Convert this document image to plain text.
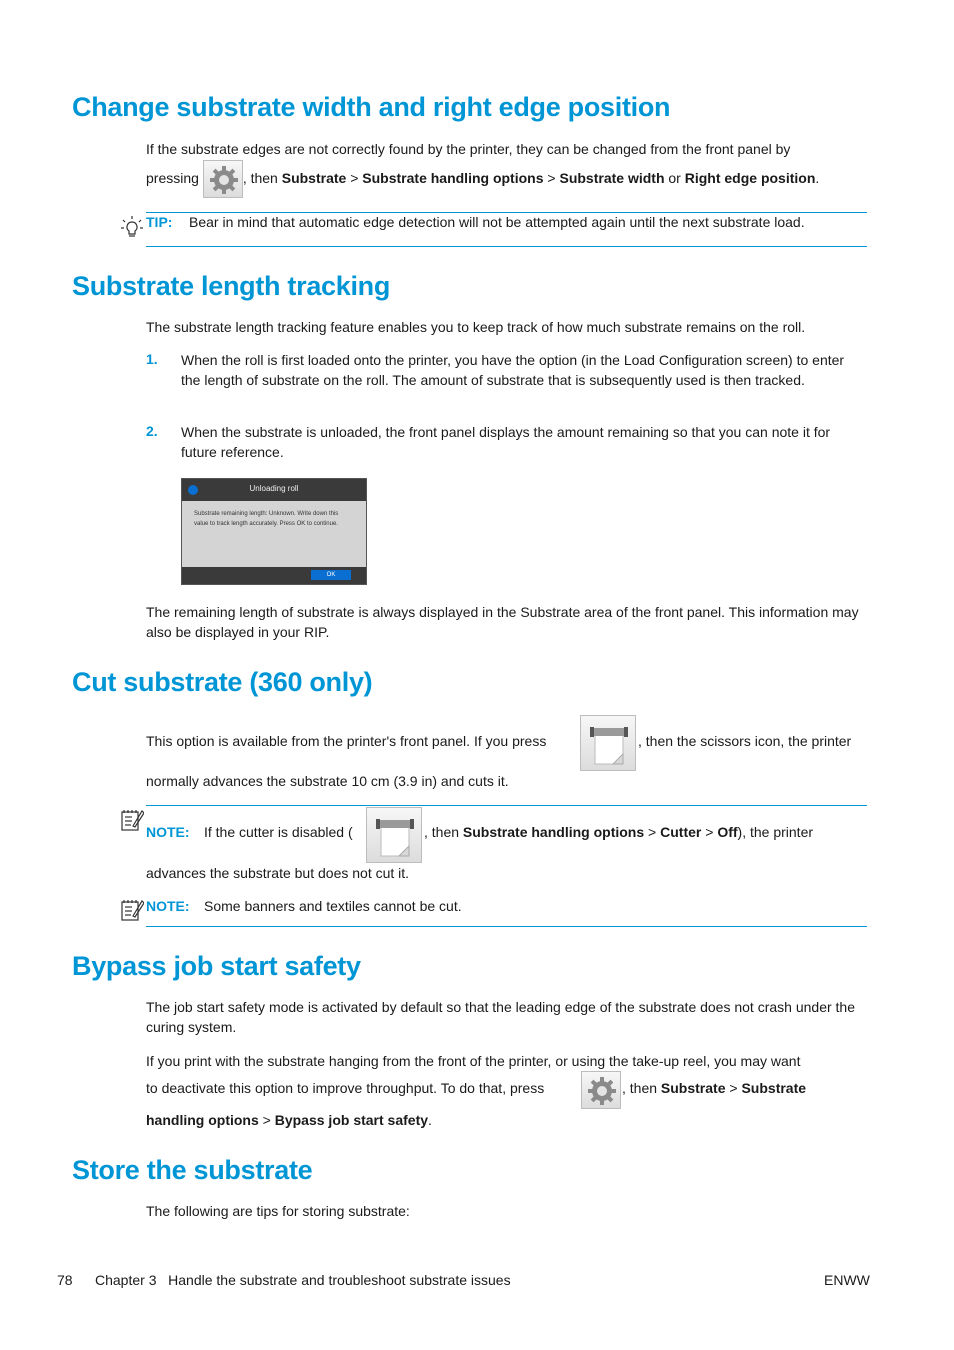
Change substrate width and right edge position

If the substrate edges are not correctly found by the printer, they can be changed from the front panel by

pressing	, then Substrate > Substrate handling options > Substrate width or Right edge position.

TIP: Bear in mind that automatic edge detection will not be attempted again until the next substrate load.
Substrate length tracking

The substrate length tracking feature enables you to keep track of how much substrate remains on the roll.

1. When the roll is first loaded onto the printer, you have the option (in the Load Configuration screen) to enter the length of substrate on the roll. The amount of substrate that is subsequently used is then tracked.

2. When the substrate is unloaded, the front panel displays the amount remaining so that you can note it for future reference.

Unloading roll
Substrate remaining length: Unknown. Write down this value to track length accurately. Press OK to continue.
OK

The remaining length of substrate is always displayed in the Substrate area of the front panel. This information may also be displayed in your RIP.

Cut substrate (360 only)
This option is available from the printer's front panel. If you press	, then the scissors icon, the printer

normally advances the substrate 10 cm (3.9 in) and cuts it.

NOTE: If the cutter is disabled (	, then Substrate handling options > Cutter > Off), the printer

advances the substrate but does not cut it.

NOTE: Some banners and textiles cannot be cut.
Bypass job start safety

The job start safety mode is activated by default so that the leading edge of the substrate does not crash under the curing system.

If you print with the substrate hanging from the front of the printer, or using the take-up reel, you may want

to deactivate this option to improve throughput. To do that, press	, then Substrate > Substrate

handling options > Bypass job start safety.

Store the substrate

The following are tips for storing substrate:

78 Chapter 3   Handle the substrate and troubleshoot substrate issues	ENWW
